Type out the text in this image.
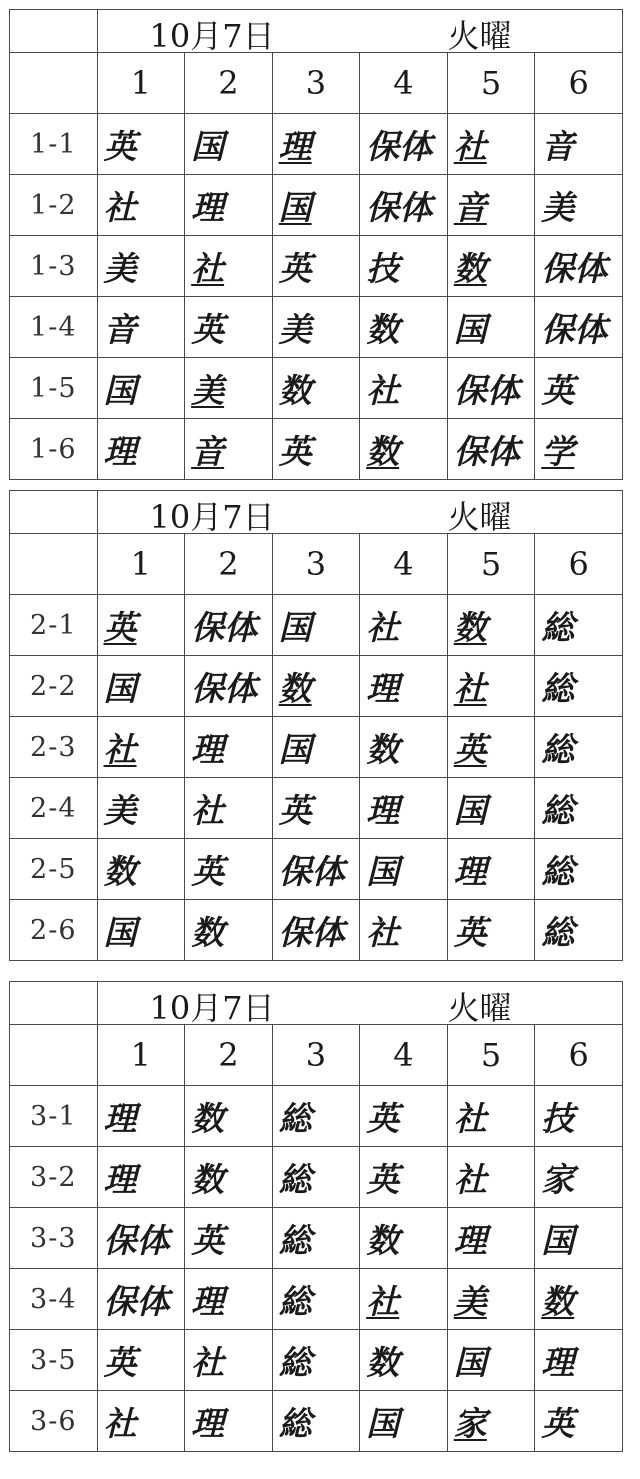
	10月7日 火曜					

	1	2	3	4	5	6
1-1	英	国	理	保体	社	音
1-2	社	理	国	保体	音	美
1-3	美	社	英	技	数	保体
1-4	音	英	美	数	国	保体
1-5	国	美	数	社	保体	英
1-6	理	音	英	数	保体	学

	10月7日 火曜					

	1	2	3	4	5	6
2-1	英	保体	国	社	数	総
2-2	国	保体	数	理	社	総
2-3	社	理	国	数	英	総
2-4	美	社	英	理	国	総
2-5	数	英	保体	国	理	総
2-6	国	数	保体	社	英	総

	10月7日 火曜					

	1	2	3	4	5	6
3-1	理	数	総	英	社	技
3-2	理	数	総	英	社	家
3-3	保体	英	総	数	理	国
3-4	保体	理	総	社	美	数
3-5	英	社	総	数	国	理
3-6	社	理	総	国	家	英
